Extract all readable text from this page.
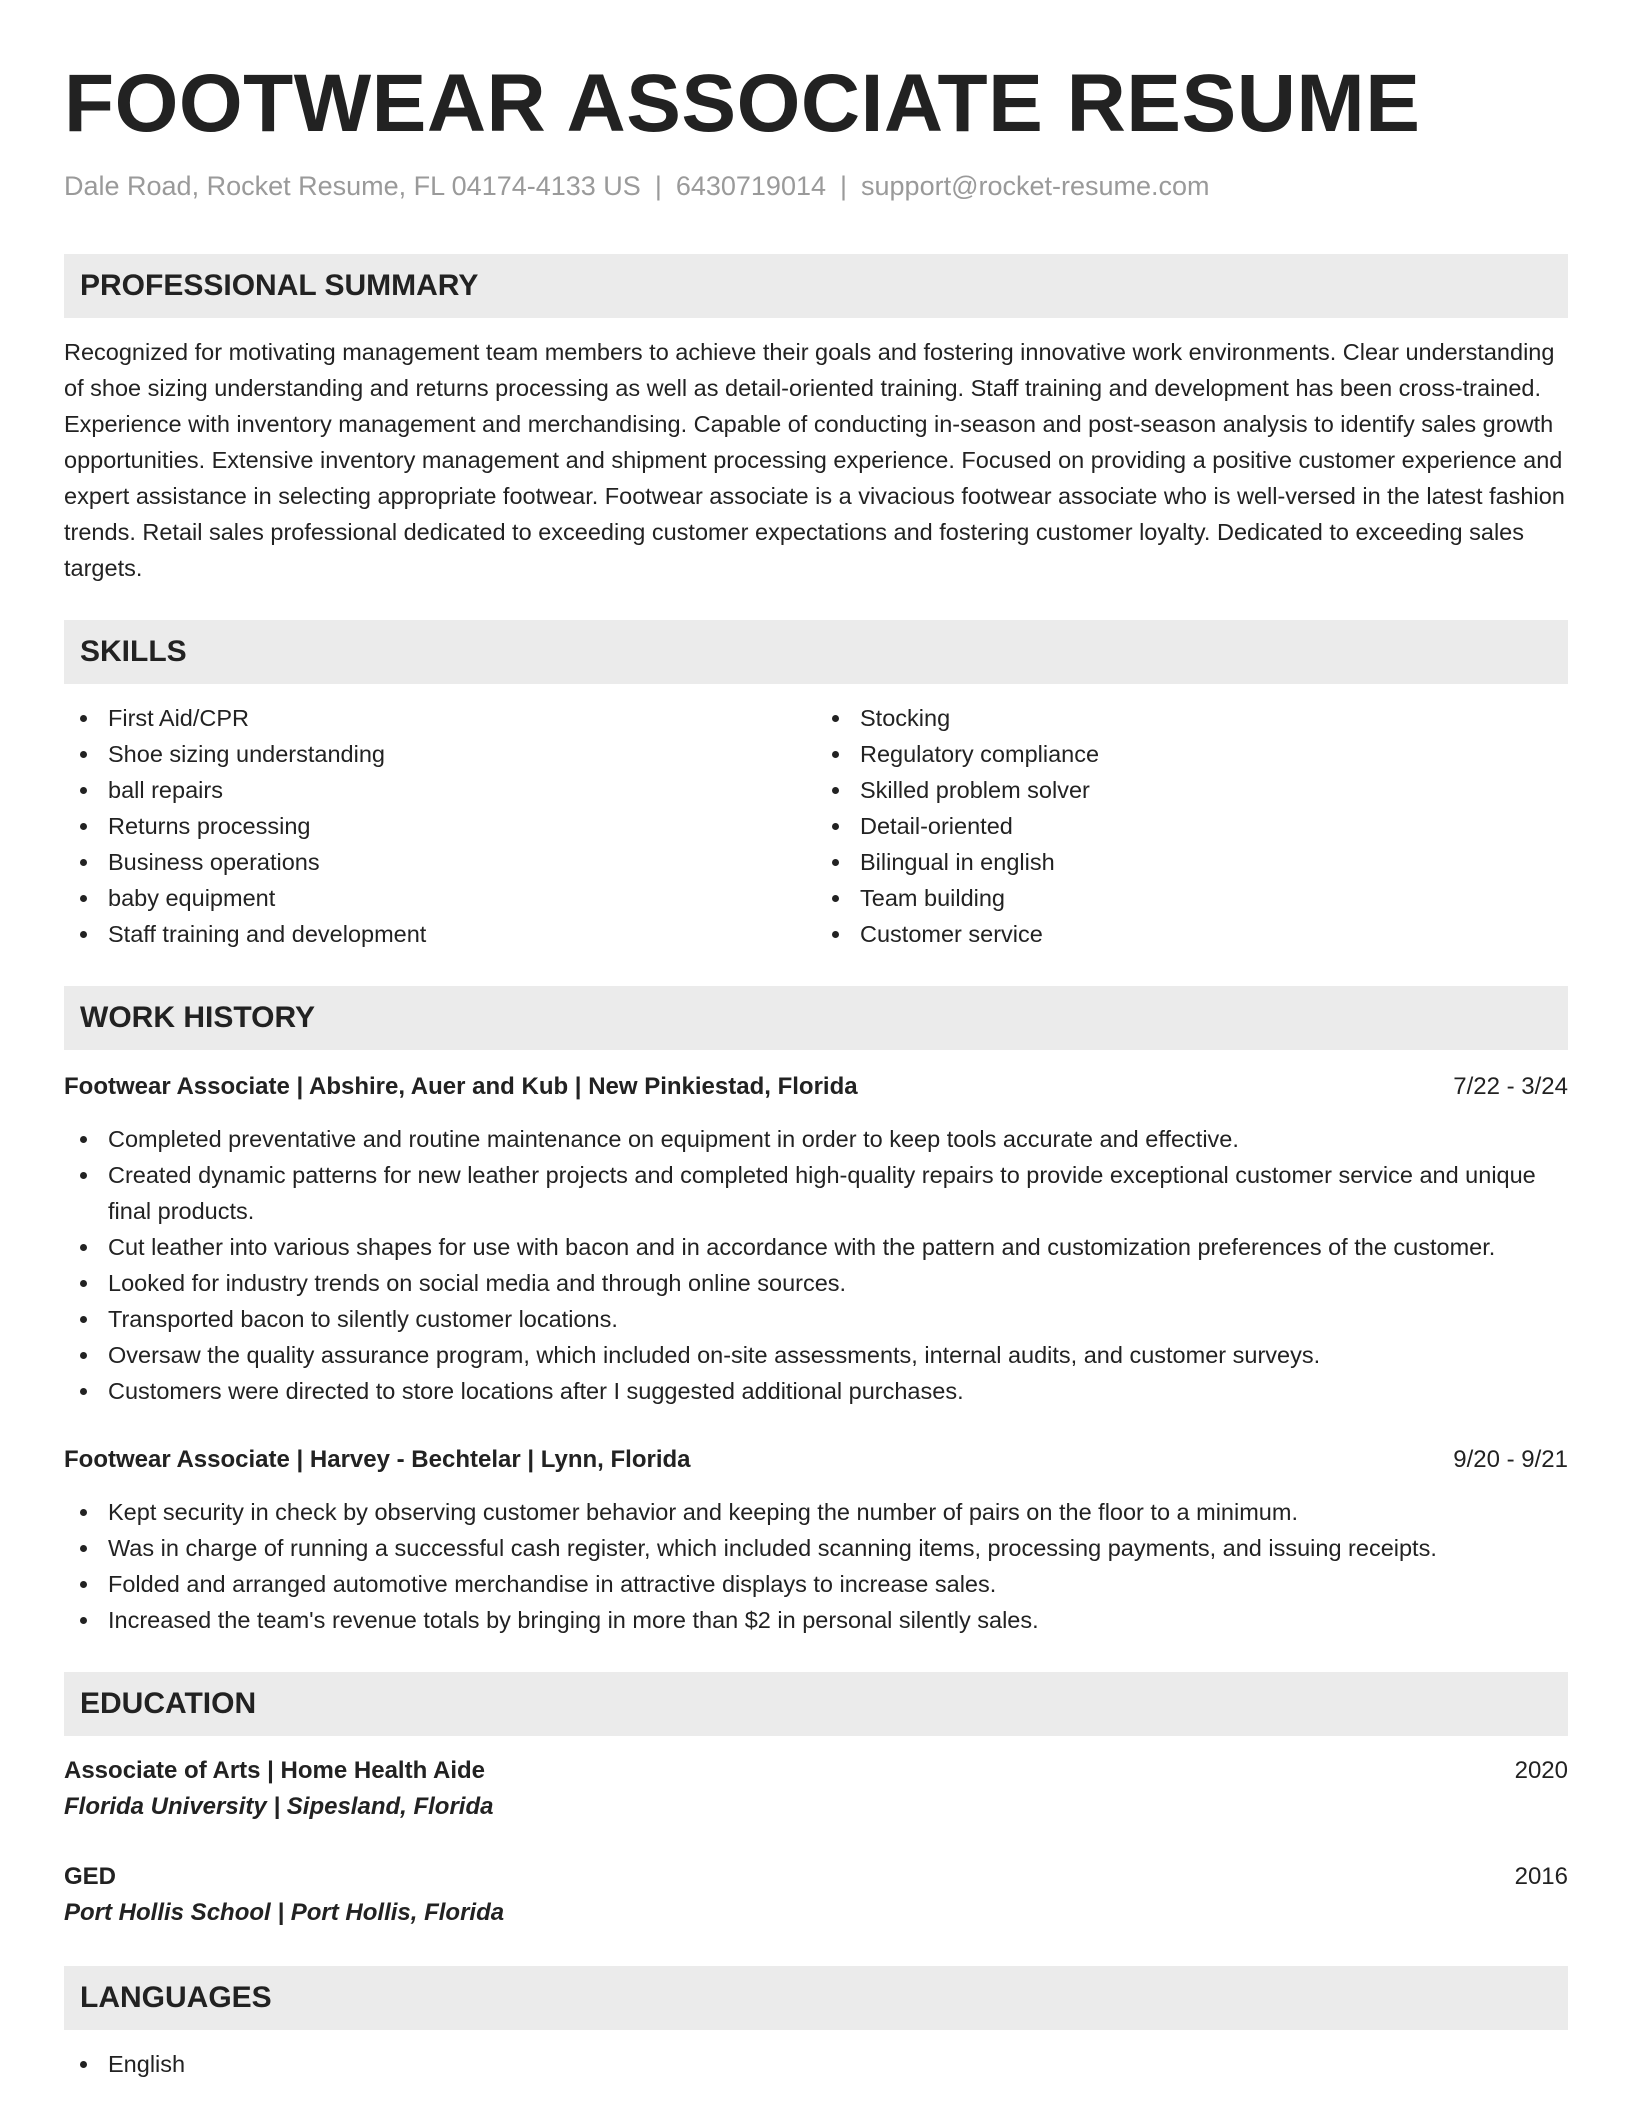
FOOTWEAR ASSOCIATE RESUME
Dale Road, Rocket Resume, FL 04174-4133 US | 6430719014 | support@rocket-resume.com
PROFESSIONAL SUMMARY

Recognized for motivating management team members to achieve their goals and fostering innovative work environments. Clear understanding of shoe sizing understanding and returns processing as well as detail-oriented training. Staff training and development has been cross-trained. Experience with inventory management and merchandising. Capable of conducting in-season and post-season analysis to identify sales growth opportunities. Extensive inventory management and shipment processing experience. Focused on providing a positive customer experience and expert assistance in selecting appropriate footwear. Footwear associate is a vivacious footwear associate who is well-versed in the latest fashion trends. Retail sales professional dedicated to exceeding customer expectations and fostering customer loyalty. Dedicated to exceeding sales targets.

SKILLS
First Aid/CPR
Shoe sizing understanding
ball repairs
Returns processing
Business operations
baby equipment
Staff training and development
Stocking
Regulatory compliance
Skilled problem solver
Detail-oriented
Bilingual in english
Team building
Customer service
WORK HISTORY
Footwear Associate | Abshire, Auer and Kub | New Pinkiestad, Florida	7/22 - 3/24
Completed preventative and routine maintenance on equipment in order to keep tools accurate and effective.
Created dynamic patterns for new leather projects and completed high-quality repairs to provide exceptional customer service and unique final products.
Cut leather into various shapes for use with bacon and in accordance with the pattern and customization preferences of the customer.
Looked for industry trends on social media and through online sources.
Transported bacon to silently customer locations.
Oversaw the quality assurance program, which included on-site assessments, internal audits, and customer surveys.
Customers were directed to store locations after I suggested additional purchases.
Footwear Associate | Harvey - Bechtelar | Lynn, Florida	9/20 - 9/21
Kept security in check by observing customer behavior and keeping the number of pairs on the floor to a minimum.
Was in charge of running a successful cash register, which included scanning items, processing payments, and issuing receipts.
Folded and arranged automotive merchandise in attractive displays to increase sales.
Increased the team's revenue totals by bringing in more than $2 in personal silently sales.
EDUCATION
Associate of Arts | Home Health Aide	2020
Florida University | Sipesland, Florida
GED	2016
Port Hollis School | Port Hollis, Florida
LANGUAGES
English
